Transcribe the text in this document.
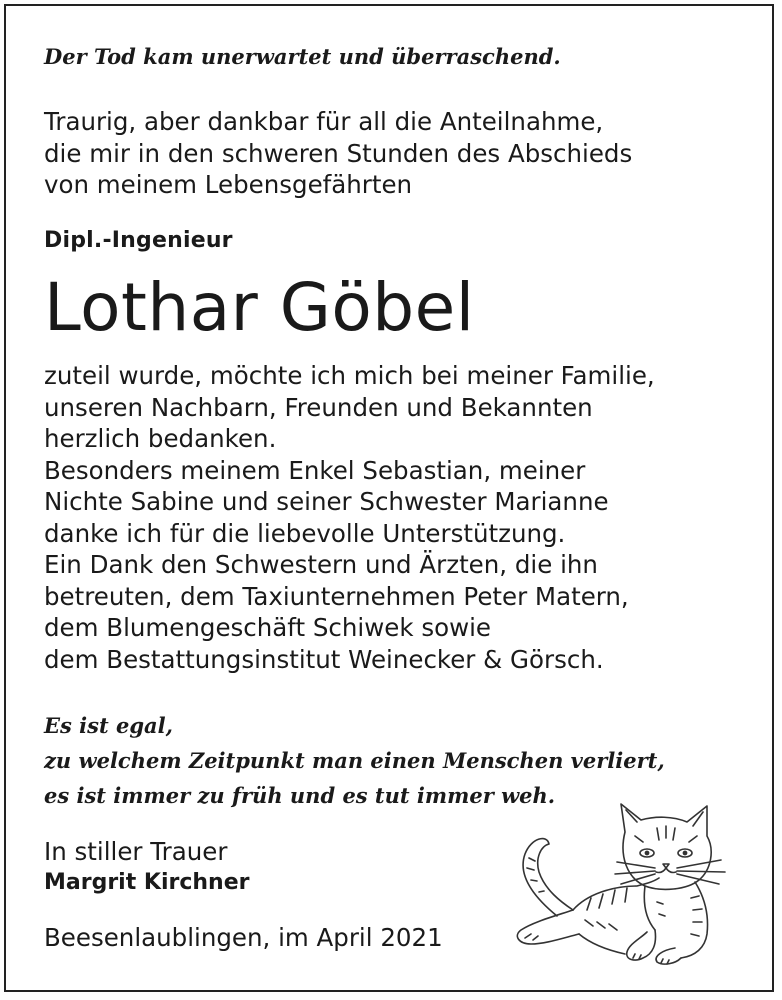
Der Tod kam unerwartet und überraschend.
Traurig, aber dankbar für all die Anteilnahme,
die mir in den schweren Stunden des Abschieds
von meinem Lebensgefährten
Dipl.-Ingenieur
Lothar Göbel
zuteil wurde, möchte ich mich bei meiner Familie,
unseren Nachbarn, Freunden und Bekannten
herzlich bedanken.
Besonders meinem Enkel Sebastian, meiner
Nichte Sabine und seiner Schwester Marianne
danke ich für die liebevolle Unterstützung.
Ein Dank den Schwestern und Ärzten, die ihn
betreuten, dem Taxiunternehmen Peter Matern,
dem Blumengeschäft Schiwek sowie
dem Bestattungsinstitut Weinecker & Görsch.
Es ist egal,
zu welchem Zeitpunkt man einen Menschen verliert,
es ist immer zu früh und es tut immer weh.
In stiller Trauer
Margrit Kirchner
Beesenlaublingen, im April 2021
